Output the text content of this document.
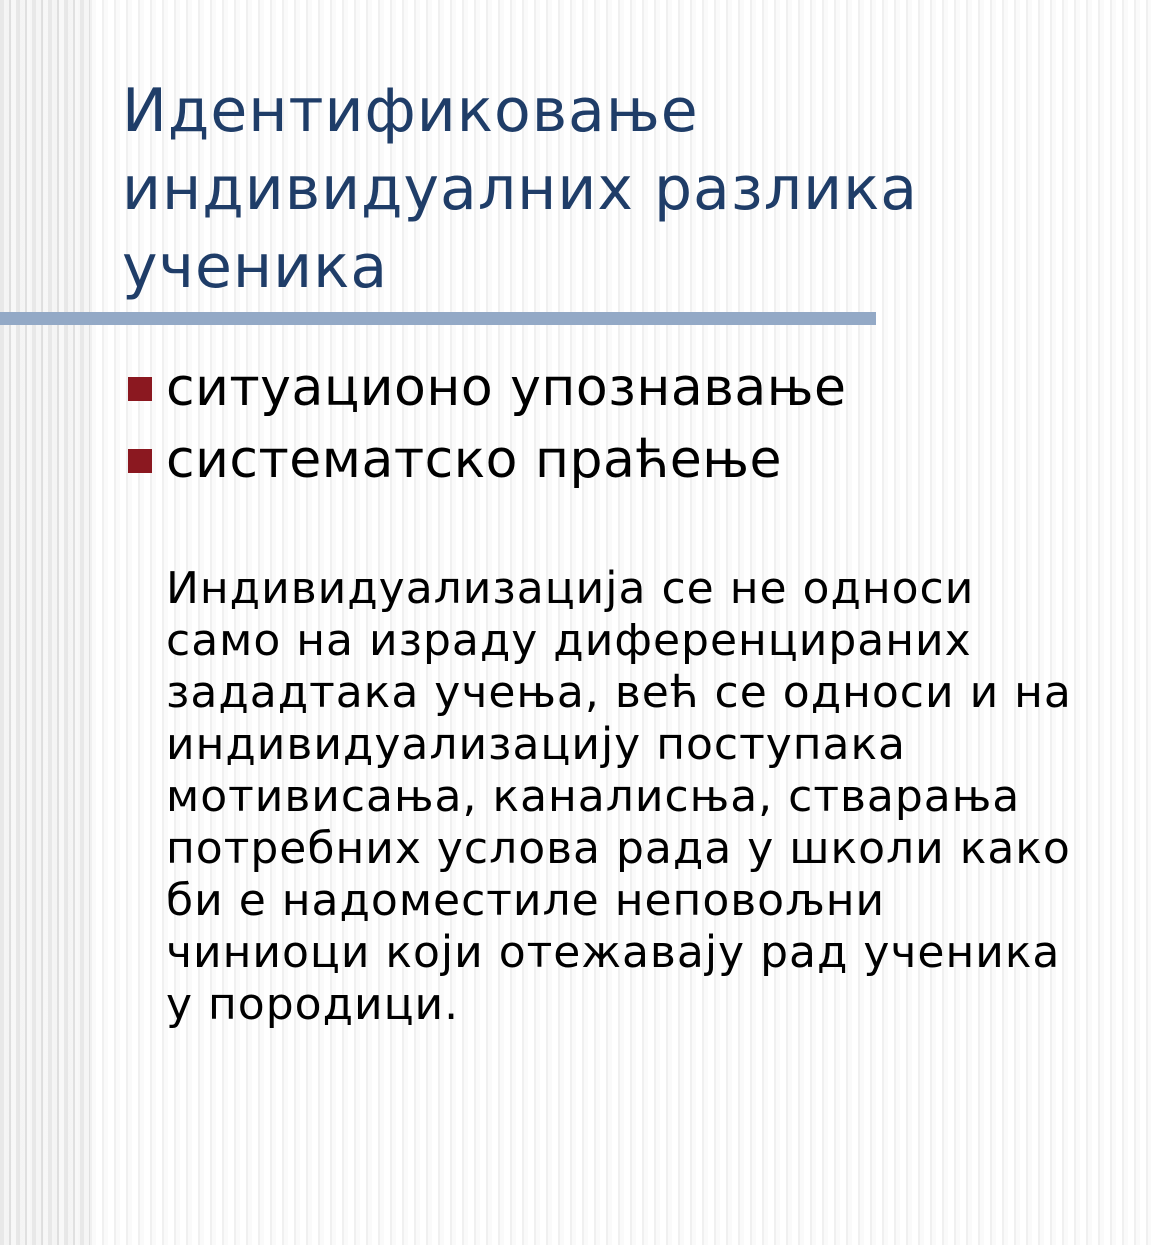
Идентификовање
индивидуалних разлика
ученика
ситуационо упознавање
систематско праћење

Индивидуализација се не односи
само на израду диференцираних
зададтака учења, већ се односи и на
индивидуализацију поступака
мотивисања, каналисња, стварања
потребних услова рада у школи како
би е надоместиле неповољни
чиниоци који отежавају рад ученика
у породици.
